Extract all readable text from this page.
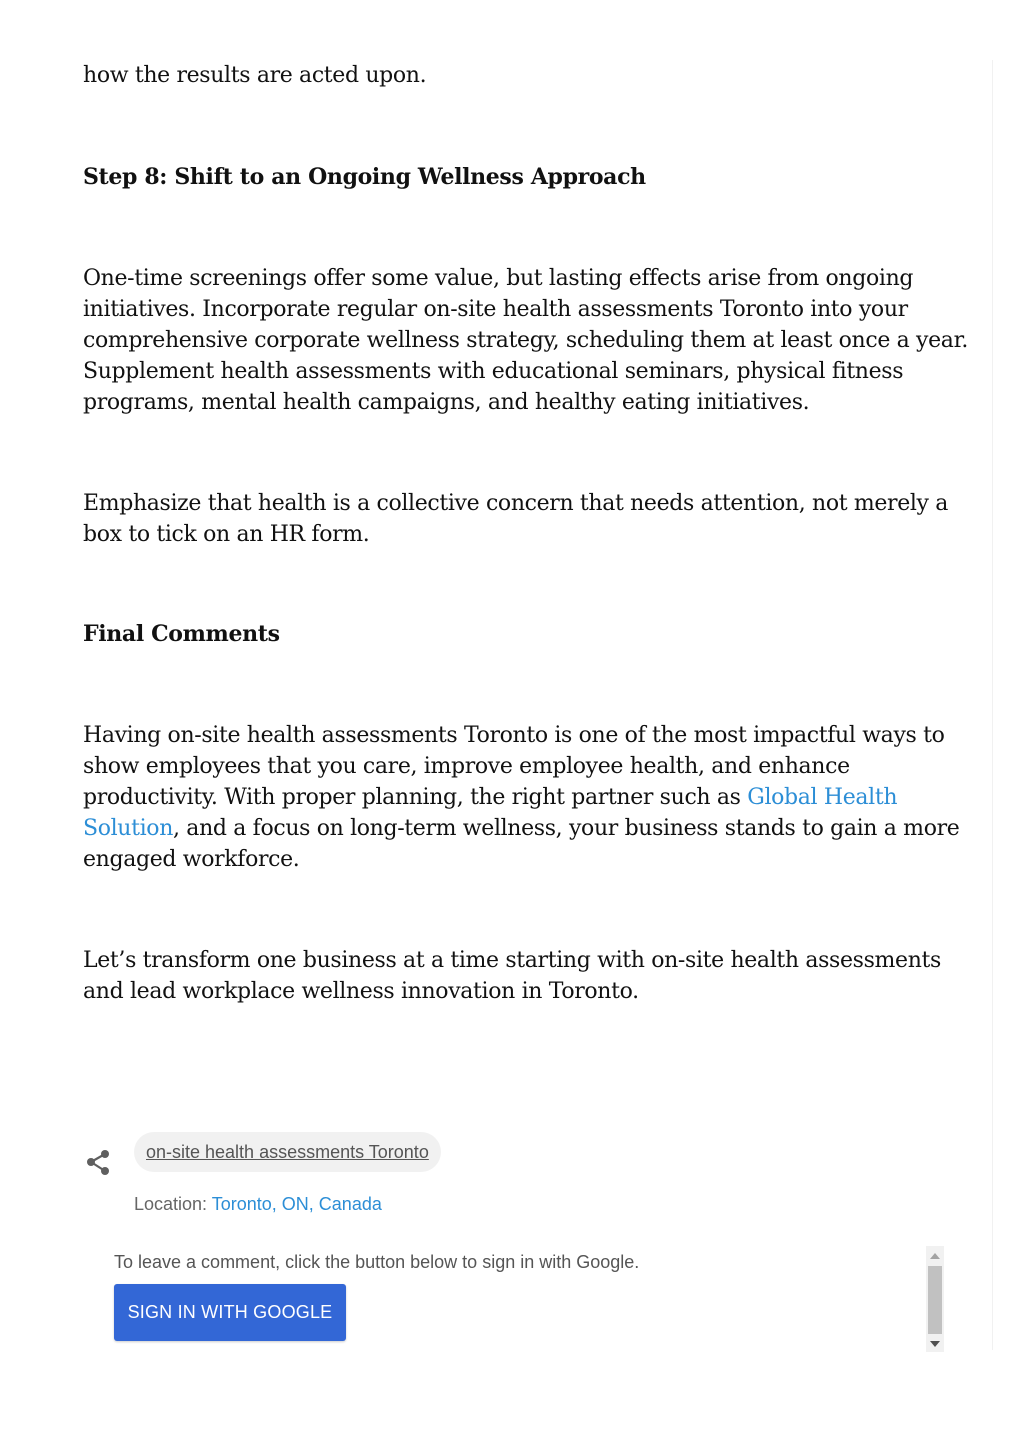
how the results are acted upon.

Step 8: Shift to an Ongoing Wellness Approach

One-time screenings offer some value, but lasting effects arise from ongoing initiatives. Incorporate regular on-site health assessments Toronto into your comprehensive corporate wellness strategy, scheduling them at least once a year. Supplement health assessments with educational seminars, physical fitness programs, mental health campaigns, and healthy eating initiatives.

Emphasize that health is a collective concern that needs attention, not merely a box to tick on an HR form.

Final Comments

Having on-site health assessments Toronto is one of the most impactful ways to show employees that you care, improve employee health, and enhance productivity. With proper planning, the right partner such as Global Health Solution, and a focus on long-term wellness, your business stands to gain a more engaged workforce.

Let’s transform one business at a time starting with on-site health assessments and lead workplace wellness innovation in Toronto.

on-site health assessments Toronto
Location: Toronto, ON, Canada
To leave a comment, click the button below to sign in with Google.
SIGN IN WITH GOOGLE
